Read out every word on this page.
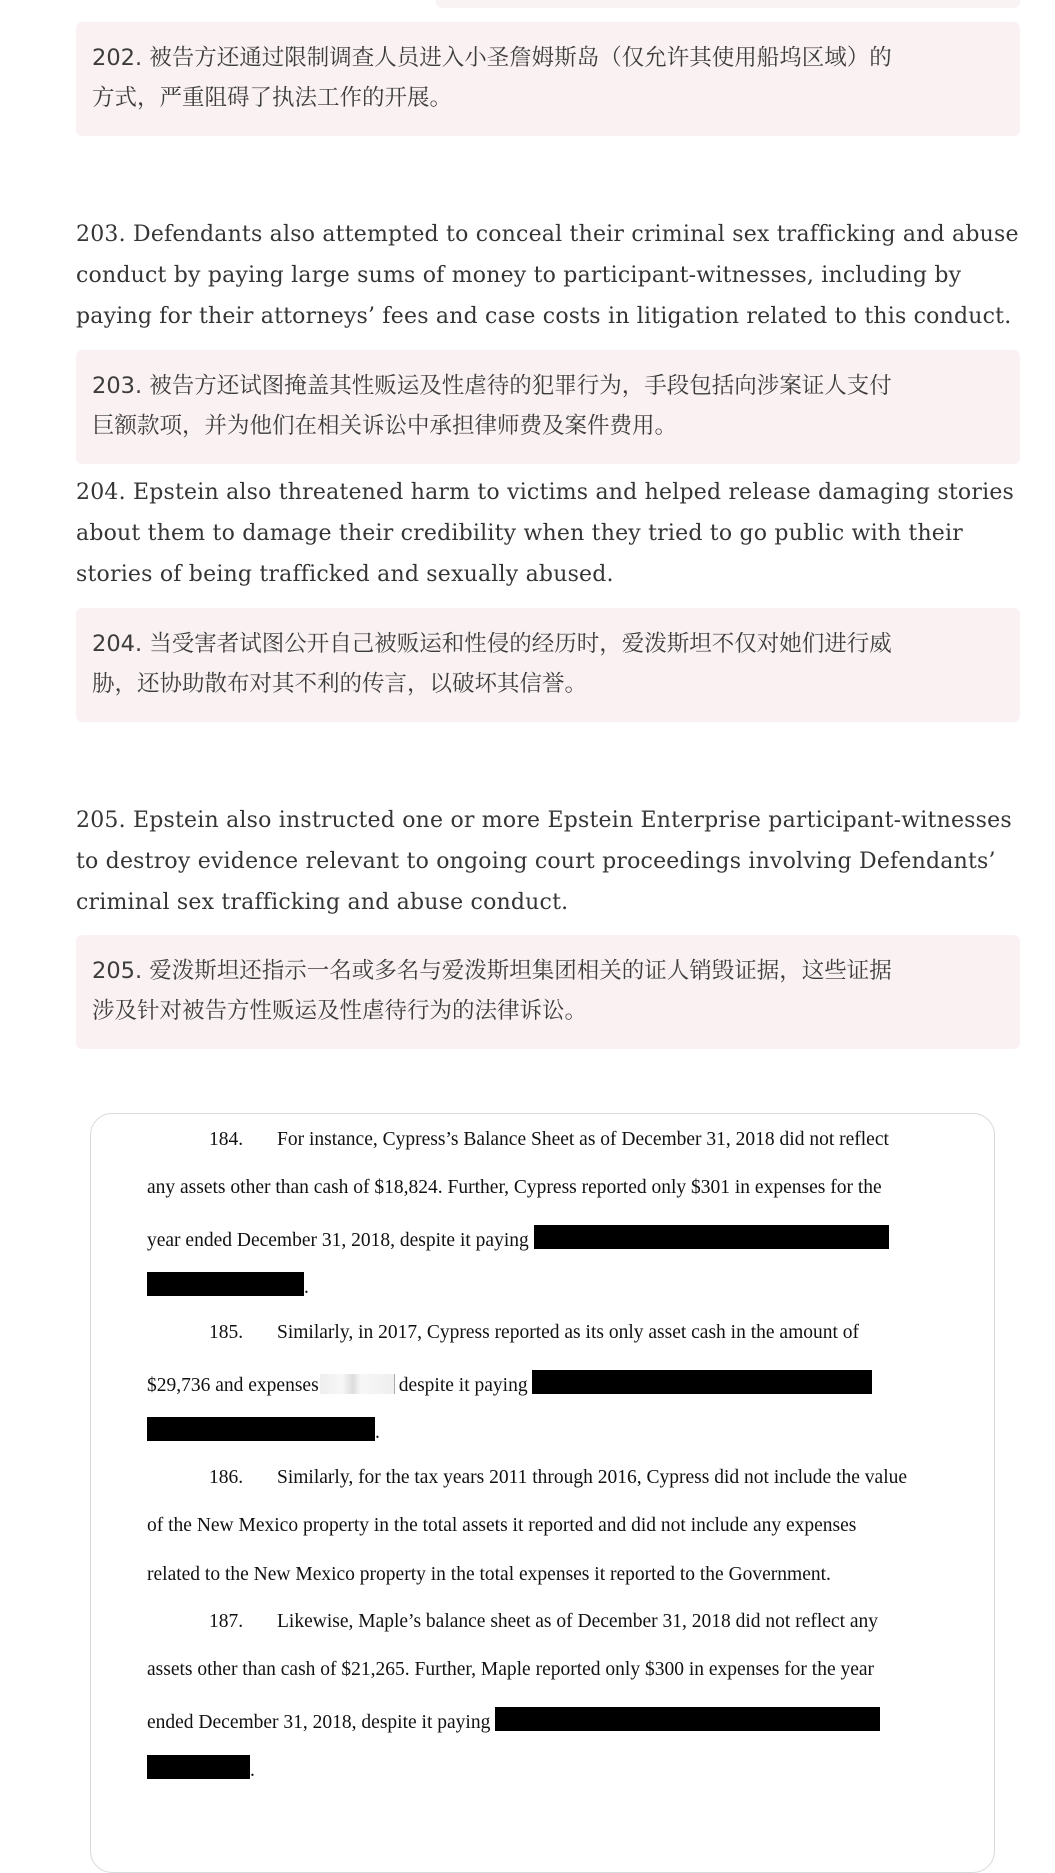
202. 被告方还通过限制调查人员进入小圣詹姆斯岛（仅允许其使用船坞区域）的
方式，严重阻碍了执法工作的开展。
203. Defendants also attempted to conceal their criminal sex trafficking and abuse
conduct by paying large sums of money to participant-witnesses, including by
paying for their attorneys’ fees and case costs in litigation related to this conduct.
203. 被告方还试图掩盖其性贩运及性虐待的犯罪行为，手段包括向涉案证人支付
巨额款项，并为他们在相关诉讼中承担律师费及案件费用。
204. Epstein also threatened harm to victims and helped release damaging stories
about them to damage their credibility when they tried to go public with their
stories of being trafficked and sexually abused.
204. 当受害者试图公开自己被贩运和性侵的经历时，爱泼斯坦不仅对她们进行威
胁，还协助散布对其不利的传言，以破坏其信誉。
205. Epstein also instructed one or more Epstein Enterprise participant-witnesses
to destroy evidence relevant to ongoing court proceedings involving Defendants’
criminal sex trafficking and abuse conduct.
205. 爱泼斯坦还指示一名或多名与爱泼斯坦集团相关的证人销毁证据，这些证据
涉及针对被告方性贩运及性虐待行为的法律诉讼。
184. For instance, Cypress’s Balance Sheet as of December 31, 2018 did not reflect
any assets other than cash of $18,824. Further, Cypress reported only $301 in expenses for the
year ended December 31, 2018, despite it paying
.
185. Similarly, in 2017, Cypress reported as its only asset cash in the amount of
$29,736 and expenses	despite it paying
.
186. Similarly, for the tax years 2011 through 2016, Cypress did not include the value
of the New Mexico property in the total assets it reported and did not include any expenses
related to the New Mexico property in the total expenses it reported to the Government.
187. Likewise, Maple’s balance sheet as of December 31, 2018 did not reflect any
assets other than cash of $21,265. Further, Maple reported only $300 in expenses for the year
ended December 31, 2018, despite it paying
.
